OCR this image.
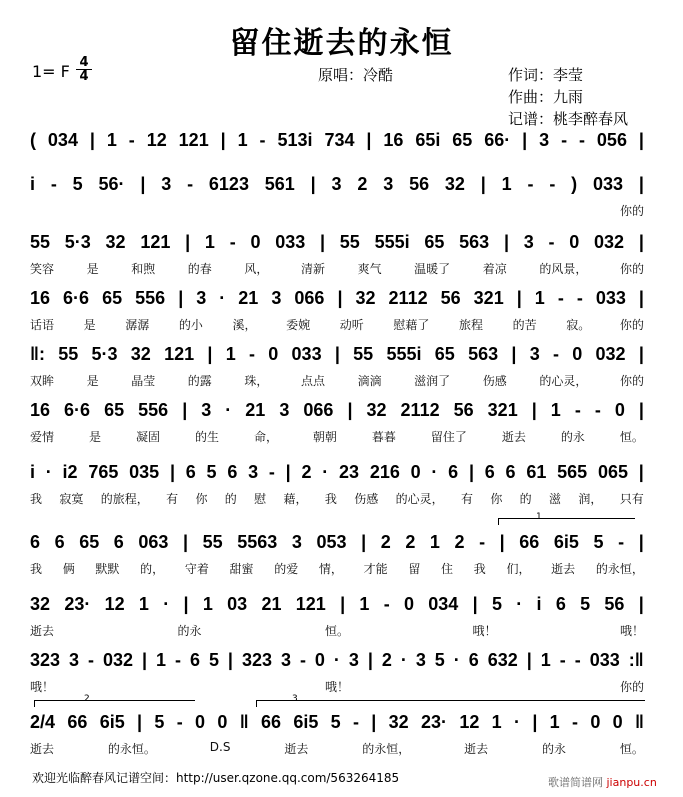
留住逝去的永恒
1= F 4
4	原唱：冷酷	作词：李莹
作曲：九雨
记谱：桃李醉春风
( 034 | 1 - 12 121 | 1 - 513i 734 | 16 65i 65 66· | 3 - - 056 |
i - 5 56· | 3 - 6123 561 | 3 2 3 56 32 | 1 - - ) 033 |
你的
55 5·3 32 121 | 1 - 0 033 | 55 555i 65 563 | 3 - 0 032 |
笑容	是	和煦	的春	风，	清新	爽气	温暖了	着凉	的风景，	你的
16 6·6 65 556 | 3 · 21 3 066 | 32 2112 56 321 | 1 - - 033 |
话语 是 潺潺 的小 溪， 委婉 动听 慰藉了 旅程 的苦 寂。 你的
‖: 55 5·3 32 121 | 1 - 0 033 | 55 555i 65 563 | 3 - 0 032 |
双眸	是	晶莹	的露	珠，	点点	滴滴	滋润了	伤感	的心灵，	你的
16 6·6 65 556 | 3 · 21 3 066 | 32 2112 56 321 | 1 - - 0 |
爱情	是	凝固	的生	命，	朝朝	暮暮	留住了	逝去	的永	恒。
i · i2 765 035 | 6 5 6 3 - | 2 · 23 216 0 · 6 | 6 6 61 565 065 |
我 寂寞 的旅程， 有 你 的 慰 藉， 我 伤感 的心灵， 有 你 的 滋 润， 只有
6 6 65 6 063 | 55 5563 3 053 | 2 2 1 2 - | 66 6i5 5 - |
我 俩 默默 的， 守着 甜蜜 的爱 情， 才能 留 住 我 们， 逝去 的永恒，
32 23· 12 1 · | 1 03 21 121 | 1 - 0 034 | 5 · i 6 5 56 |
逝去	的永	恒。	哦！	哦！
323 3 - 032 | 1 - 6 5 | 323 3 - 0 · 3 | 2 · 3 5 · 6 632 | 1 - - 033 :‖
哦！	哦！	你的
2/4 66 6i5 | 5 - 0 0 ‖ 66 6i5 5 - | 32 23· 12 1 · | 1 - 0 0 ‖
逝去	的永恒。	D.S	逝去	的永恒，	逝去	的永	恒。
1
2	3
欢迎光临醉春风记谱空间：http://user.qzone.qq.com/563264185	歌谱简谱网 jianpu.cn
